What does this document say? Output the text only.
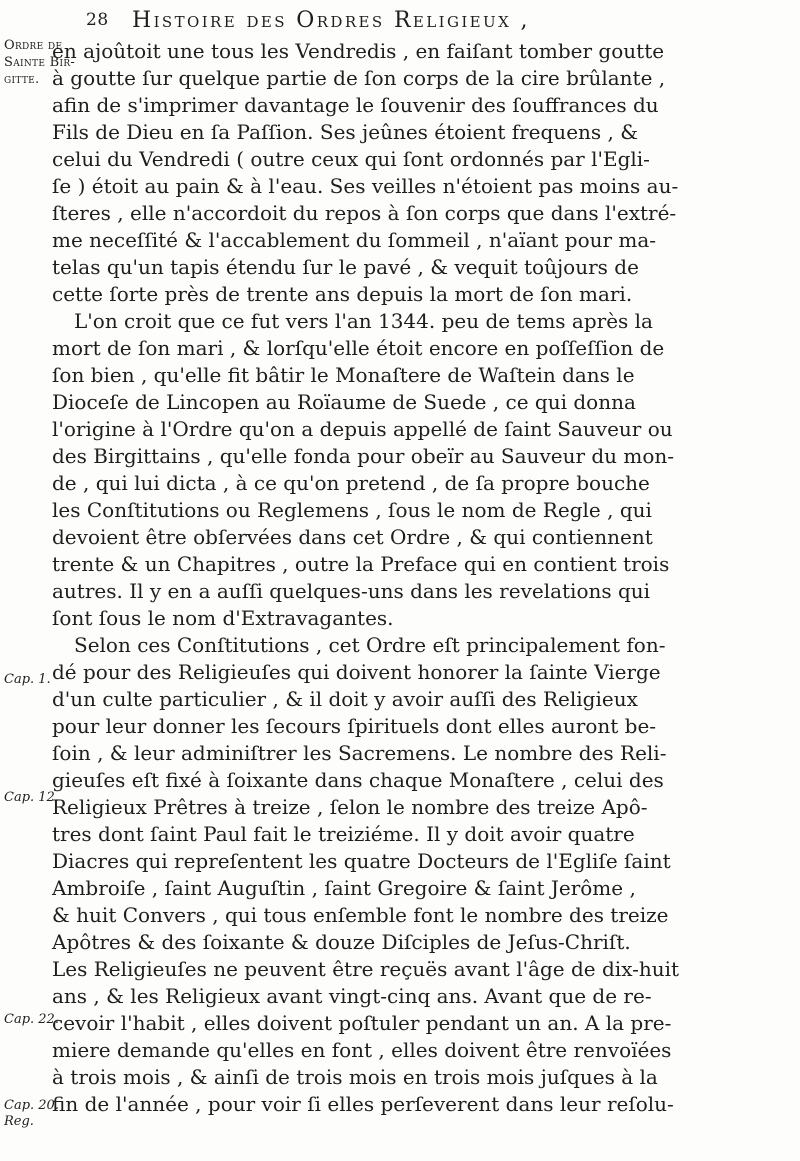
28 Histoire des Ordres Religieux ,
Ordre de
Sainte Bir-
gitte.
Cap. 1.
Cap. 12.
Cap. 22.
Cap. 20.
Reg.
en ajoûtoit une tous les Vendredis , en faiſant tomber goutte
à goutte ſur quelque partie de ſon corps de la cire brûlante ,
afin de s'imprimer davantage le ſouvenir des ſouffrances du
Fils de Dieu en ſa Paſſion. Ses jeûnes étoient frequens , &
celui du Vendredi ( outre ceux qui ſont ordonnés par l'Egli-
ſe ) étoit au pain & à l'eau. Ses veilles n'étoient pas moins au-
ſteres , elle n'accordoit du repos à ſon corps que dans l'extré-
me neceſſité & l'accablement du ſommeil , n'aïant pour ma-
telas qu'un tapis étendu ſur le pavé , & vequit toûjours de
cette ſorte près de trente ans depuis la mort de ſon mari.
L'on croit que ce fut vers l'an 1344. peu de tems après la
mort de ſon mari , & lorſqu'elle étoit encore en poſſeſſion de
ſon bien , qu'elle fit bâtir le Monaſtere de Waſtein dans le
Dioceſe de Lincopen au Roïaume de Suede , ce qui donna
l'origine à l'Ordre qu'on a depuis appellé de ſaint Sauveur ou
des Birgittains , qu'elle fonda pour obeïr au Sauveur du mon-
de , qui lui dicta , à ce qu'on pretend , de ſa propre bouche
les Conſtitutions ou Reglemens , ſous le nom de Regle , qui
devoient être obſervées dans cet Ordre , & qui contiennent
trente & un Chapitres , outre la Preface qui en contient trois
autres. Il y en a auſſi quelques-uns dans les revelations qui
ſont ſous le nom d'Extravagantes.
Selon ces Conſtitutions , cet Ordre eſt principalement fon-
dé pour des Religieuſes qui doivent honorer la ſainte Vierge
d'un culte particulier , & il doit y avoir auſſi des Religieux
pour leur donner les ſecours ſpirituels dont elles auront be-
ſoin , & leur adminiſtrer les Sacremens. Le nombre des Reli-
gieuſes eſt fixé à ſoixante dans chaque Monaſtere , celui des
Religieux Prêtres à treize , ſelon le nombre des treize Apô-
tres dont ſaint Paul fait le treiziéme. Il y doit avoir quatre
Diacres qui repreſentent les quatre Docteurs de l'Egliſe ſaint
Ambroiſe , ſaint Auguſtin , ſaint Gregoire & ſaint Jerôme ,
& huit Convers , qui tous enſemble font le nombre des treize
Apôtres & des ſoixante & douze Diſciples de Jeſus-Chriſt.
Les Religieuſes ne peuvent être reçuës avant l'âge de dix-huit
ans , & les Religieux avant vingt-cinq ans. Avant que de re-
cevoir l'habit , elles doivent poſtuler pendant un an. A la pre-
miere demande qu'elles en font , elles doivent être renvoïées
à trois mois , & ainſi de trois mois en trois mois juſques à la
fin de l'année , pour voir ſi elles perſeverent dans leur reſolu-
